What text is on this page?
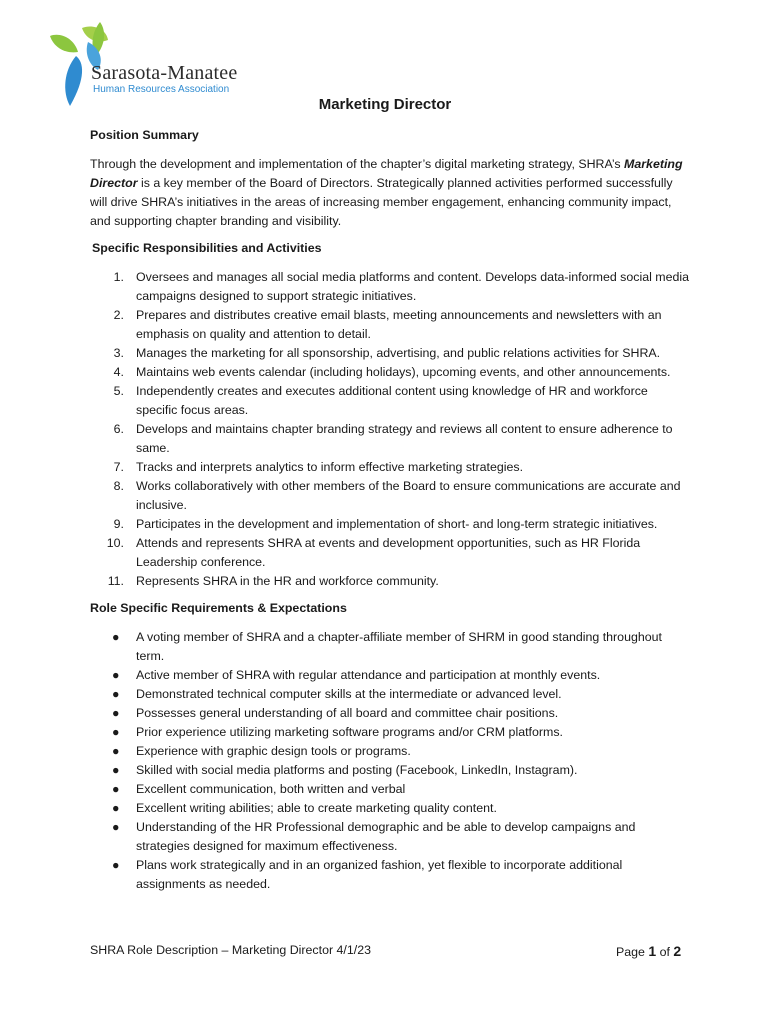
Sarasota-Manatee
Human Resources Association
Marketing Director
Position Summary
Through the development and implementation of the chapter’s digital marketing strategy, SHRA’s Marketing Director is a key member of the Board of Directors. Strategically planned activities performed successfully will drive SHRA’s initiatives in the areas of increasing member engagement, enhancing community impact, and supporting chapter branding and visibility.
Specific Responsibilities and Activities
1. Oversees and manages all social media platforms and content. Develops data-informed social media campaigns designed to support strategic initiatives.
2. Prepares and distributes creative email blasts, meeting announcements and newsletters with an emphasis on quality and attention to detail.
3. Manages the marketing for all sponsorship, advertising, and public relations activities for SHRA.
4. Maintains web events calendar (including holidays), upcoming events, and other announcements.
5. Independently creates and executes additional content using knowledge of HR and workforce specific focus areas.
6. Develops and maintains chapter branding strategy and reviews all content to ensure adherence to same.
7. Tracks and interprets analytics to inform effective marketing strategies.
8. Works collaboratively with other members of the Board to ensure communications are accurate and inclusive.
9. Participates in the development and implementation of short- and long-term strategic initiatives.
10. Attends and represents SHRA at events and development opportunities, such as HR Florida Leadership conference.
11. Represents SHRA in the HR and workforce community.
Role Specific Requirements & Expectations
● A voting member of SHRA and a chapter-affiliate member of SHRM in good standing throughout term.
● Active member of SHRA with regular attendance and participation at monthly events.
● Demonstrated technical computer skills at the intermediate or advanced level.
● Possesses general understanding of all board and committee chair positions.
● Prior experience utilizing marketing software programs and/or CRM platforms.
● Experience with graphic design tools or programs.
● Skilled with social media platforms and posting (Facebook, LinkedIn, Instagram).
● Excellent communication, both written and verbal
● Excellent writing abilities; able to create marketing quality content.
● Understanding of the HR Professional demographic and be able to develop campaigns and strategies designed for maximum effectiveness.
● Plans work strategically and in an organized fashion, yet flexible to incorporate additional assignments as needed.
SHRA Role Description – Marketing Director 4/1/23	Page 1 of 2
